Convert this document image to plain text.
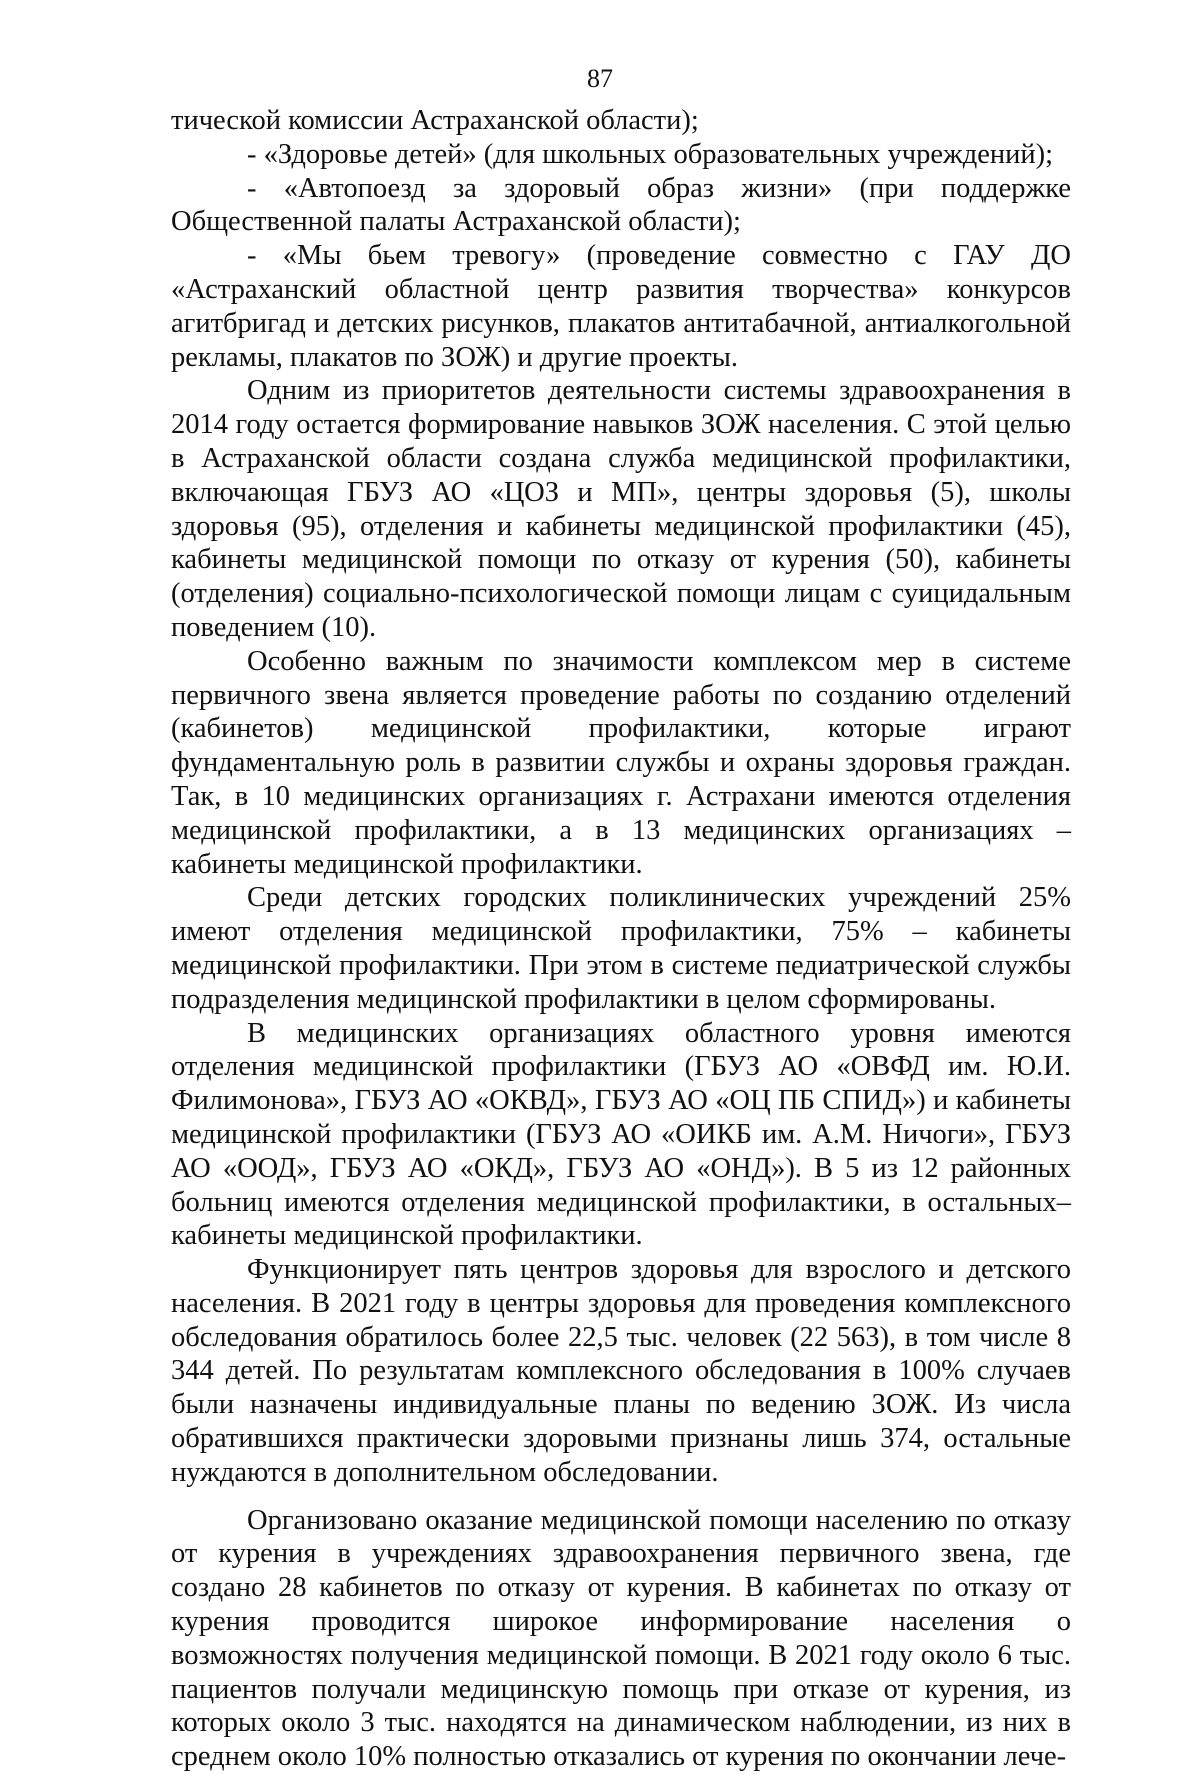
87

тической комиссии Астраханской области);

- «Здоровье детей» (для школьных образовательных учреждений);

- «Автопоезд за здоровый образ жизни» (при поддержке Общественной палаты Астраханской области);

- «Мы бьем тревогу» (проведение совместно с ГАУ ДО «Астраханский областной центр развития творчества» конкурсов агитбригад и детских рисунков, плакатов антитабачной, антиалкогольной рекламы, плакатов по ЗОЖ) и другие проекты.

Одним из приоритетов деятельности системы здравоохранения в 2014 году остается формирование навыков ЗОЖ населения. С этой целью в Астраханской области создана служба медицинской профилактики, включающая ГБУЗ АО «ЦОЗ и МП», центры здоровья (5), школы здоровья (95), отделения и кабинеты медицинской профилактики (45), кабинеты медицинской помощи по отказу от курения (50), кабинеты (отделения) социально-психологической помощи лицам с суицидальным поведением (10).

Особенно важным по значимости комплексом мер в системе первичного звена является проведение работы по созданию отделений (кабинетов) медицинской профилактики, которые играют фундаментальную роль в развитии службы и охраны здоровья граждан. Так, в 10 медицинских организациях г. Астрахани имеются отделения медицинской профилактики, а в 13 медицинских организациях – кабинеты медицинской профилактики.

Среди детских городских поликлинических учреждений 25% имеют отделения медицинской профилактики, 75% – кабинеты медицинской профилактики. При этом в системе педиатрической службы подразделения медицинской профилактики в целом сформированы.

В медицинских организациях областного уровня имеются отделения медицинской профилактики (ГБУЗ АО «ОВФД им. Ю.И. Филимонова», ГБУЗ АО «ОКВД», ГБУЗ АО «ОЦ ПБ СПИД») и кабинеты медицинской профилактики (ГБУЗ АО «ОИКБ им. А.М. Ничоги», ГБУЗ АО «ООД», ГБУЗ АО «ОКД», ГБУЗ АО «ОНД»). В 5 из 12 районных больниц имеются отделения медицинской профилактики, в остальных– кабинеты медицинской профилактики.

Функционирует пять центров здоровья для взрослого и детского населения. В 2021 году в центры здоровья для проведения комплексного обследования обратилось более 22,5 тыс. человек (22 563), в том числе 8 344 детей. По результатам комплексного обследования в 100% случаев были назначены индивидуальные планы по ведению ЗОЖ. Из числа обратившихся практически здоровыми признаны лишь 374, остальные нуждаются в дополнительном обследовании.

Организовано оказание медицинской помощи населению по отказу от курения в учреждениях здравоохранения первичного звена, где создано 28 кабинетов по отказу от курения. В кабинетах по отказу от курения проводится широкое информирование населения о возможностях получения медицинской помощи. В 2021 году около 6 тыс. пациентов получали медицинскую помощь при отказе от курения, из которых около 3 тыс. находятся на динамическом наблюдении, из них в среднем около 10% полностью отказались от курения по окончании лече-
